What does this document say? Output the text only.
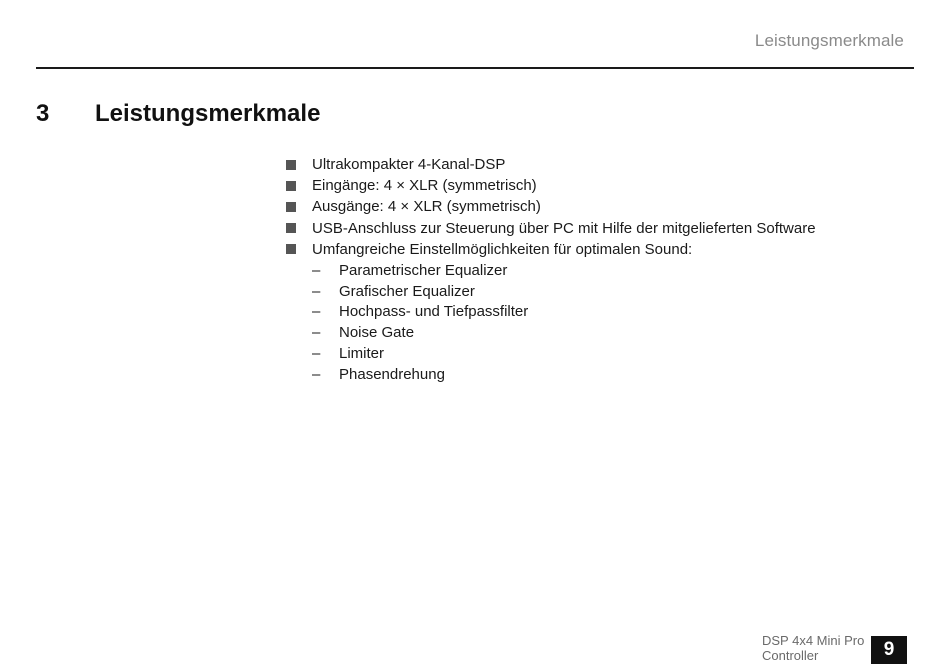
Leistungsmerkmale
3	Leistungsmerkmale
Ultrakompakter 4-Kanal-DSP
Eingänge: 4 × XLR (symmetrisch)
Ausgänge: 4 × XLR (symmetrisch)
USB-Anschluss zur Steuerung über PC mit Hilfe der mitgelieferten Software
Umfangreiche Einstellmöglichkeiten für optimalen Sound:
–	Parametrischer Equalizer
–	Grafischer Equalizer
–	Hochpass- und Tiefpassfilter
–	Noise Gate
–	Limiter
–	Phasendrehung
DSP 4x4 Mini Pro
Controller	9
